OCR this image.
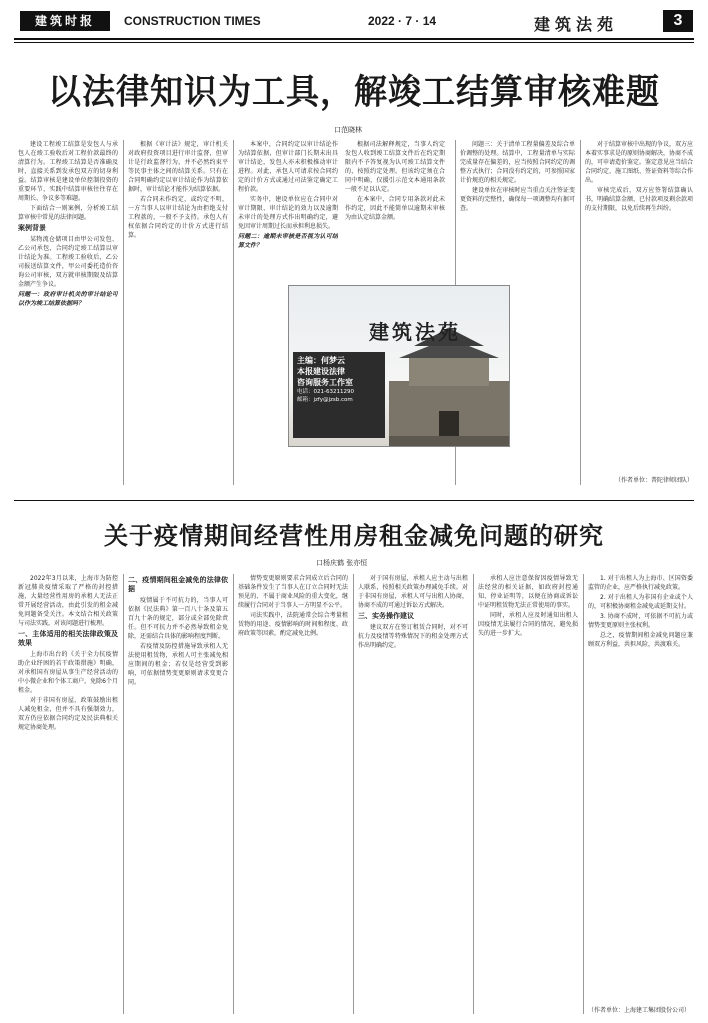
建筑时报	CONSTRUCTION TIMES	2022 · 7 · 14	建筑法苑	3
以法律知识为工具，解竣工结算审核难题
口范晓林

建设工程竣工结算是发包人与承包人在竣工验收后对工程价款最终的清算行为。工程竣工结算是否准确及时，直接关系到发承包双方的切身利益。结算审核是建设单位控制投资的重要环节，实践中结算审核往往存在周期长、争议多等难题。

下面结合一则案例，分析竣工结算审核中常见的法律问题。

案例背景

某物流仓储项目由甲公司发包、乙公司承包，合同约定竣工结算以审计结论为准。工程竣工验收后，乙公司报送结算文件，甲公司委托造价咨询公司审核，双方就审核期限及结算金额产生争议。

问题一：政府审计机关的审计结论可以作为竣工结算依据吗？

根据《审计法》规定，审计机关对政府投资项目进行审计监督，但审计是行政监督行为，并不必然约束平等民事主体之间的结算关系。只有在合同明确约定以审计结论作为结算依据时，审计结论才能作为结算依据。

若合同未作约定，或约定不明，一方当事人以审计结论为由拒绝支付工程款的，一般不予支持。承包人有权依据合同约定的计价方式进行结算。

本案中，合同约定以审计结论作为结算依据，但审计部门长期未出具审计结论，发包人亦未积极推动审计进程。对此，承包人可请求按合同约定的计价方式或通过司法鉴定确定工程价款。

实务中，建设单位应在合同中对审计期限、审计结论的效力以及逾期未审计的处理方式作出明确约定，避免因审计周期过长而承担利息损失。

问题二：逾期未审核是否视为认可结算文件？

根据司法解释规定，当事人约定发包人收到竣工结算文件后在约定期限内不予答复视为认可竣工结算文件的，按照约定处理。但该约定须在合同中明确，仅援引示范文本通用条款一般不足以认定。

在本案中，合同专用条款对此未作约定，因此不能简单以逾期未审核为由认定结算金额。

问题三：关于清单工程量偏差及综合单价调整的处理。结算中，工程量清单与实际完成量存在偏差的，应当按照合同约定的调整方式执行；合同没有约定的，可参照国家计价规范的相关规定。

建设单位在审核时应当重点关注签证变更资料的完整性，确保每一项调整均有据可查。

对于结算审核中出现的争议，双方应本着实事求是的原则协商解决，协商不成的，可申请造价鉴定。鉴定意见应当结合合同约定、施工图纸、签证资料等综合作出。

审核完成后，双方应签署结算确认书，明确结算金额、已付款项及剩余款项的支付期限，以免后续再生纠纷。

（作者单位：普陀律师团队）
建筑法苑
主编：何梦云
本报建设法律
咨询服务工作室
电话：021-63211290
邮箱：jzfy@jzsb.com
关于疫情期间经营性用房租金减免问题的研究
口杨庆鹤 张亦恒

2022年3月以来，上海市为防控新冠肺炎疫情采取了严格的封控措施，大量经营性用房的承租人无法正常开展经营活动，由此引发的租金减免问题备受关注。本文结合相关政策与司法实践，对该问题进行梳理。

一、主体适用的相关法律政策及效果

上海市出台的《关于全力抗疫情助企业纾困的若干政策措施》明确，对承租国有房屋从事生产经营活动的中小微企业和个体工商户，免除6个月租金。

对于非国有房屋，政策鼓励出租人减免租金，但并不具有强制效力，双方仍应依据合同约定及民法典相关规定协商处理。

二、疫情期间租金减免的法律依据

疫情属于不可抗力的，当事人可依据《民法典》第一百八十条及第五百九十条的规定，部分或全部免除责任。但不可抗力并不必然导致租金免除，还需结合具体的影响程度判断。

若疫情及防控措施导致承租人无法使用租赁物，承租人可主张减免相应期间的租金；若仅是经营受到影响，可依据情势变更原则请求变更合同。

情势变更原则要求合同成立后合同的基础条件发生了当事人在订立合同时无法预见的、不属于商业风险的重大变化，继续履行合同对于当事人一方明显不公平。

司法实践中，法院通常会综合考量租赁物的用途、疫情影响的时间和程度、政府政策等因素，酌定减免比例。

对于国有房屋，承租人应主动与出租人联系，按照相关政策办理减免手续。对于非国有房屋，承租人可与出租人协商，协商不成的可通过诉讼方式解决。

三、实务操作建议

建议双方在签订租赁合同时，对不可抗力及疫情等特殊情况下的租金处理方式作出明确约定。

承租人应注意保留因疫情导致无法经营的相关证据，如政府封控通知、停业证明等，以便在协商或诉讼中证明租赁物无法正常使用的事实。

同时，承租人应及时通知出租人因疫情无法履行合同的情况，避免损失的进一步扩大。

1. 对于出租人为上海市、区国资委监管的企业，应严格执行减免政策。

2. 对于出租人为非国有企业或个人的，可积极协商租金减免或延期支付。

3. 协商不成时，可依据不可抗力或情势变更原则主张权利。

总之，疫情期间租金减免问题应兼顾双方利益，共担风险，共渡难关。

（作者单位：上海建工集团股份公司）
